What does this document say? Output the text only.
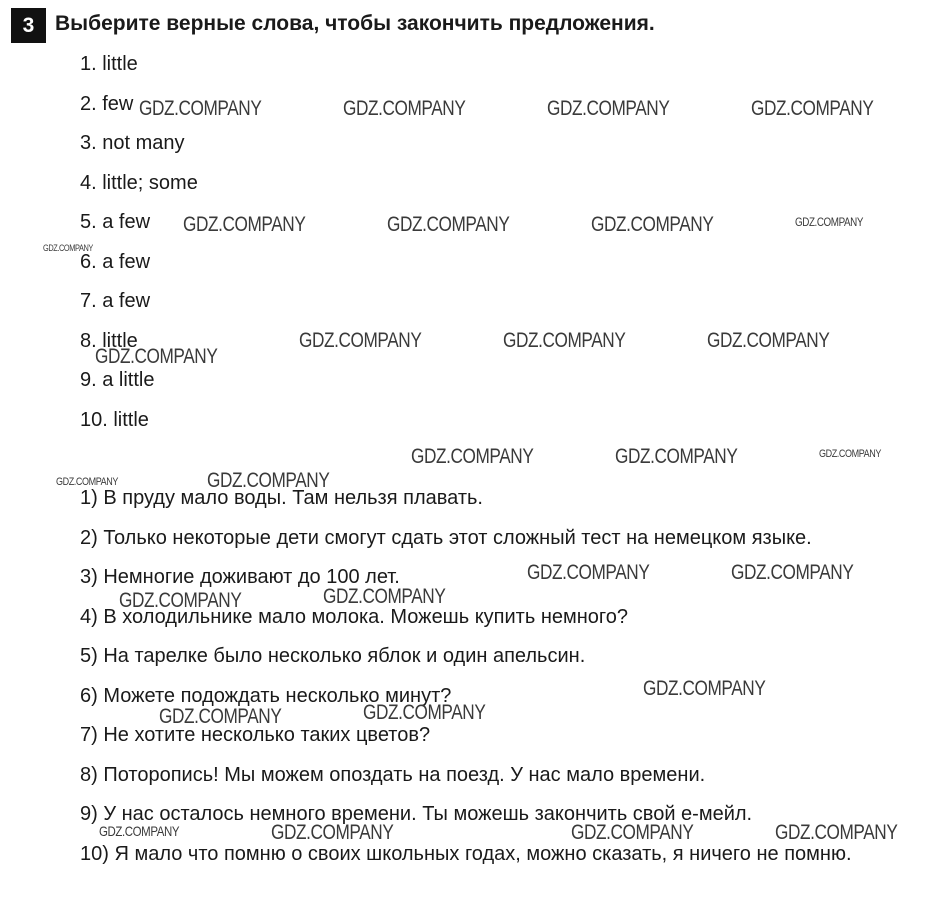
3 Выберите верные слова, чтобы закончить предложения.
1. little
2. few
3. not many
4. little; some
5. a few
6. a few
7. a few
8. little
9. a little
10. little
1) В пруду мало воды. Там нельзя плавать.
2) Только некоторые дети смогут сдать этот сложный тест на немецком языке.
3) Немногие доживают до 100 лет.
4) В холодильнике мало молока. Можешь купить немного?
5) На тарелке было несколько яблок и один апельсин.
6) Можете подождать несколько минут?
7) Не хотите несколько таких цветов?
8) Поторопись! Мы можем опоздать на поезд. У нас мало времени.
9) У нас осталось немного времени. Ты можешь закончить свой е-мейл.
10) Я мало что помню о своих школьных годах, можно сказать, я ничего не помню.
GDZ.COMPANY	GDZ.COMPANY	GDZ.COMPANY	GDZ.COMPANY
GDZ.COMPANY	GDZ.COMPANY	GDZ.COMPANY	GDZ.COMPANY
GDZ.COMPANY
GDZ.COMPANY
GDZ.COMPANY	GDZ.COMPANY	GDZ.COMPANY
GDZ.COMPANY	GDZ.COMPANY	GDZ.COMPANY
GDZ.COMPANY	GDZ.COMPANY
GDZ.COMPANY	GDZ.COMPANY
GDZ.COMPANY	GDZ.COMPANY
GDZ.COMPANY
GDZ.COMPANY	GDZ.COMPANY
GDZ.COMPANY	GDZ.COMPANY	GDZ.COMPANY	GDZ.COMPANY
